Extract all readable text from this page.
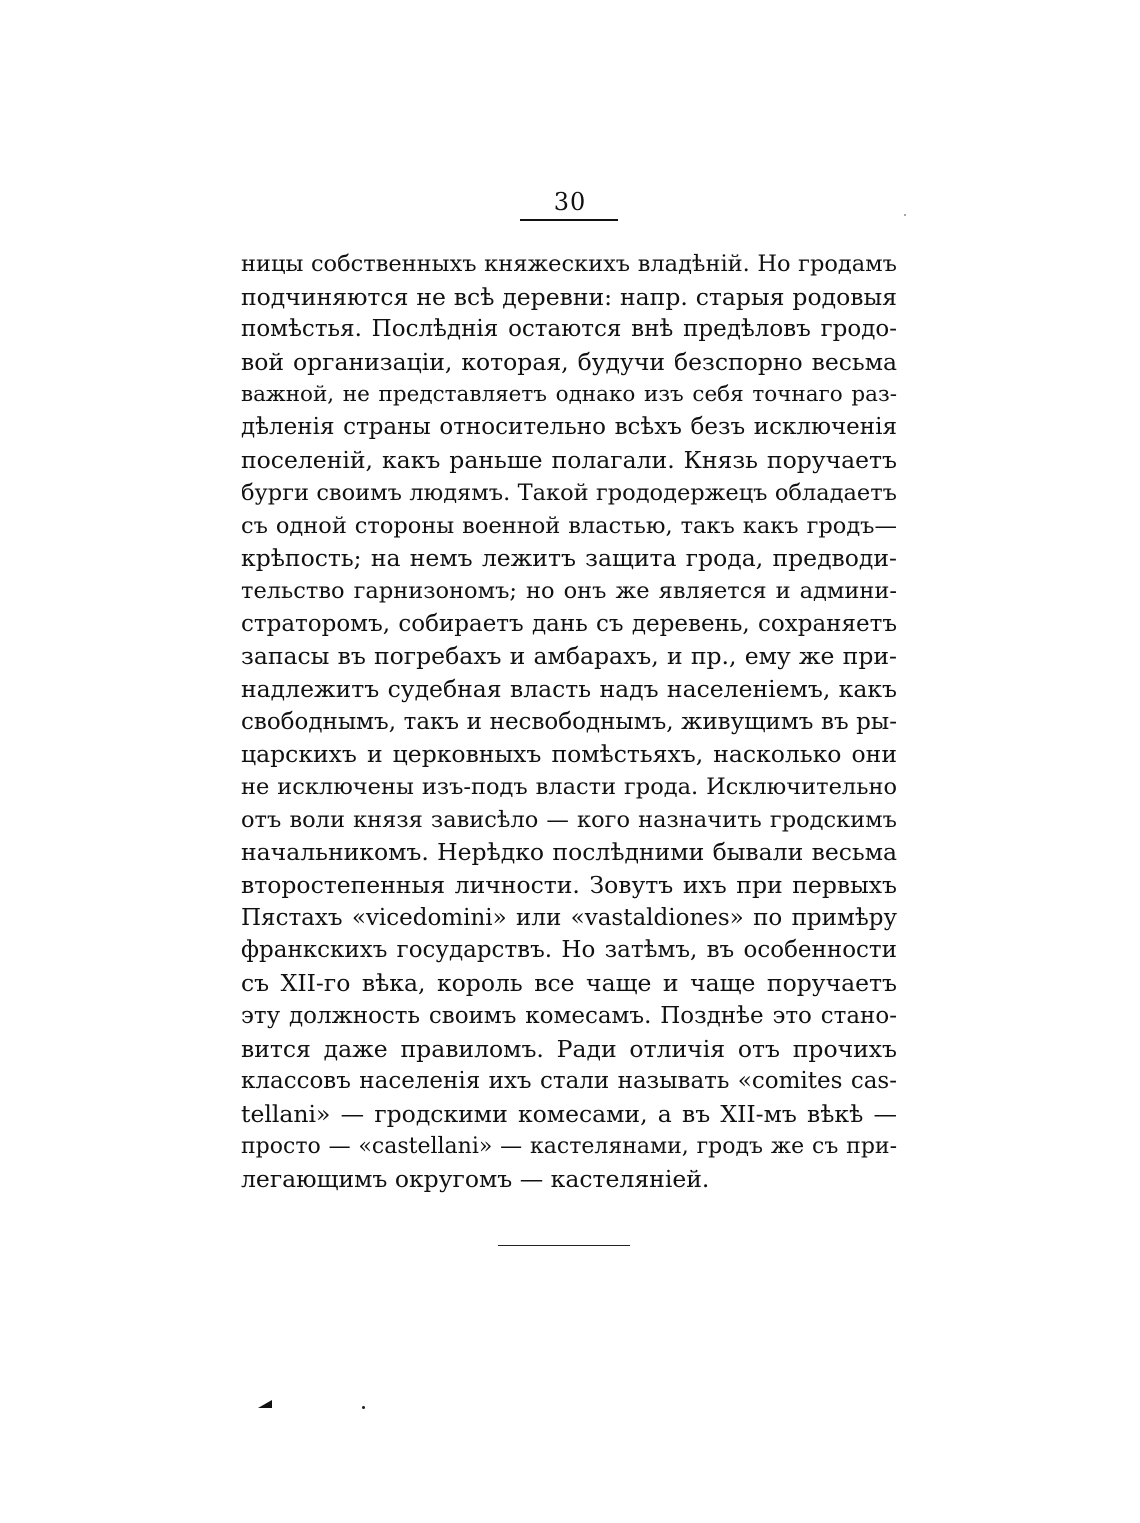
30
ницы собственныхъ княжескихъ владѣній. Но гродамъ
подчиняются не всѣ деревни: напр. старыя родовыя
помѣстья. Послѣднія остаются внѣ предѣловъ гродо-
вой организаціи, которая, будучи безспорно весьма
важной, не представляетъ однако изъ себя точнаго раз-
дѣленія страны относительно всѣхъ безъ исключенія
поселеній, какъ раньше полагали. Князь поручаетъ
бурги своимъ людямъ. Такой грододержецъ обладаетъ
съ одной стороны военной властью, такъ какъ гродъ—
крѣпость; на немъ лежитъ защита грода, предводи-
тельство гарнизономъ; но онъ же является и админи-
страторомъ, собираетъ дань съ деревень, сохраняетъ
запасы въ погребахъ и амбарахъ, и пр., ему же при-
надлежитъ судебная власть надъ населеніемъ, какъ
свободнымъ, такъ и несвободнымъ, живущимъ въ ры-
царскихъ и церковныхъ помѣстьяхъ, насколько они
не исключены изъ-подъ власти грода. Исключительно
отъ воли князя зависѣло — кого назначить гродскимъ
начальникомъ. Нерѣдко послѣдними бывали весьма
второстепенныя личности. Зовутъ ихъ при первыхъ
Пястахъ «vicedomini» или «vastaldiones» по примѣру
франкскихъ государствъ. Но затѣмъ, въ особенности
съ XII-го вѣка, король все чаще и чаще поручаетъ
эту должность своимъ комесамъ. Позднѣе это стано-
вится даже правиломъ. Ради отличія отъ прочихъ
классовъ населенія ихъ стали называть «comites cas-
tellani» — гродскими комесами, а въ XII-мъ вѣкѣ —
просто — «castellani» — кастелянами, гродъ же съ при-
легающимъ округомъ — кастеляніей.
